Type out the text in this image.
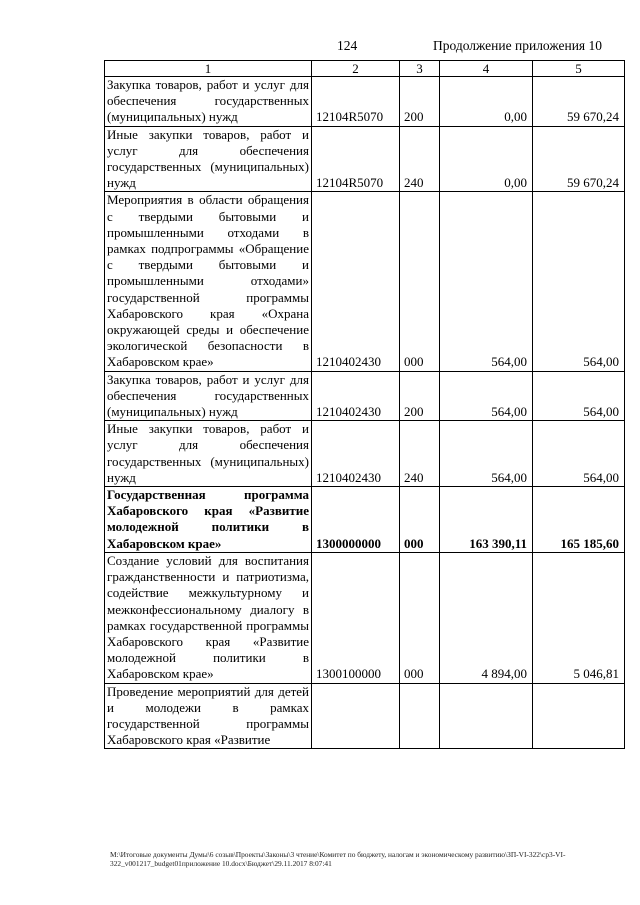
124	Продолжение приложения 10
1	2	3	4	5
Закупка товаров, работ и услуг для обеспечения государственных (муниципальных) нужд	12104R5070	200	0,00	59 670,24
Иные закупки товаров, работ и услуг для обеспечения государственных (муниципальных) нужд	12104R5070	240	0,00	59 670,24
Мероприятия в области обращения с твердыми бытовыми и промышленными отходами в рамках подпрограммы «Обращение с твердыми бытовыми и промышленными отходами» государственной программы Хабаровского края «Охрана окружающей среды и обеспечение экологической безопасности в Хабаровском крае»	1210402430	000	564,00	564,00
Закупка товаров, работ и услуг для обеспечения государственных (муниципальных) нужд	1210402430	200	564,00	564,00
Иные закупки товаров, работ и услуг для обеспечения государственных (муниципальных) нужд	1210402430	240	564,00	564,00
Государственная программа Хабаровского края «Развитие молодежной политики в Хабаровском крае»	1300000000	000	163 390,11	165 185,60
Создание условий для воспитания гражданственности и патриотизма, содействие межкультурному и межконфессиональному диалогу в рамках государственной программы Хабаровского края «Развитие молодежной политики в Хабаровском крае»	1300100000	000	4 894,00	5 046,81
Проведение мероприятий для детей и молодежи в рамках государственной программы Хабаровского края «Развитие				
M:\Итоговые документы Думы\6 созыв\Проекты\Законы\3 чтение\Комитет по бюджету, налогам и экономическому развитию\ЗП-VI-322\ср3-VI-322_v001217_budget01приложение 10.docx\Бюджет\29.11.2017 8:07:41
